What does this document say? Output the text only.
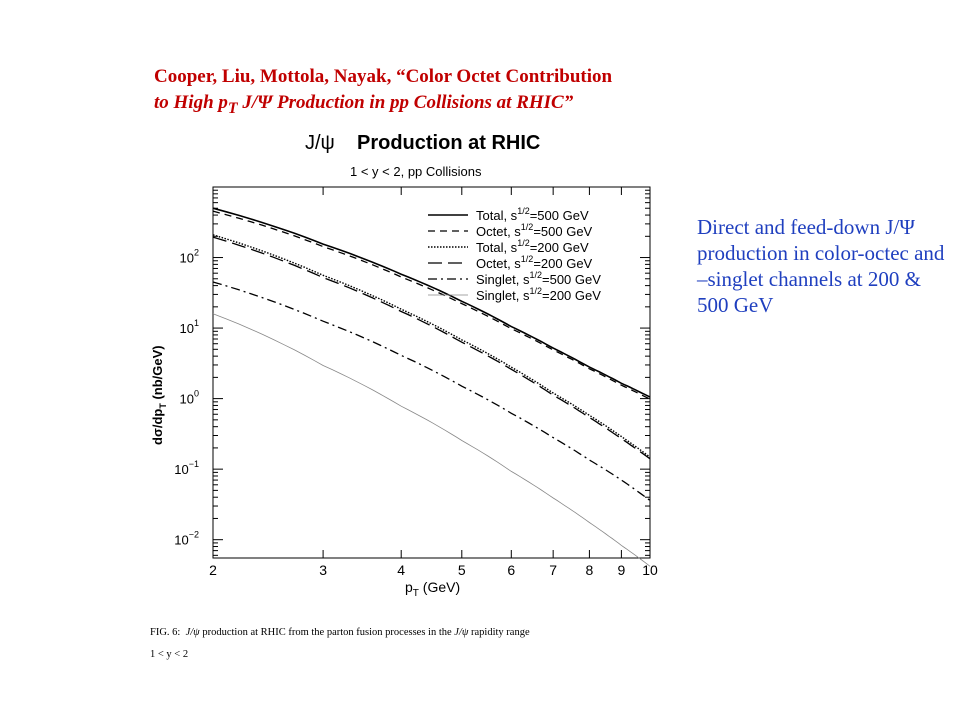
Cooper, Liu, Mottola, Nayak, “Color Octet Contribution
to High $p_T$ J/Ψ Production in pp Collisions at RHIC”
Direct and feed-down J/Ψ production in color-octec and –singlet channels at 200 & 500 GeV
J/ψ Production at RHIC
1 < y < 2, pp Collisions
2	3	4	5	6 7 8 9 10
$10^{-2}$
$10^{-1}$
$10^0$
$10^1$
$10^2$
Total, $s^{1/2}=500$ GeV
Octet, $s^{1/2}=500$ GeV
Total, $s^{1/2}=200$ GeV
Octet, $s^{1/2}=200$ GeV
Singlet, $s^{1/2}=500$ GeV
Singlet, $s^{1/2}=200$ GeV
$p_T$ (GeV)
$d\sigma/dp_T$ (nb/GeV)
FIG. 6: J/ψ production at RHIC from the parton fusion processes in the J/ψ rapidity range
1 < y < 2
